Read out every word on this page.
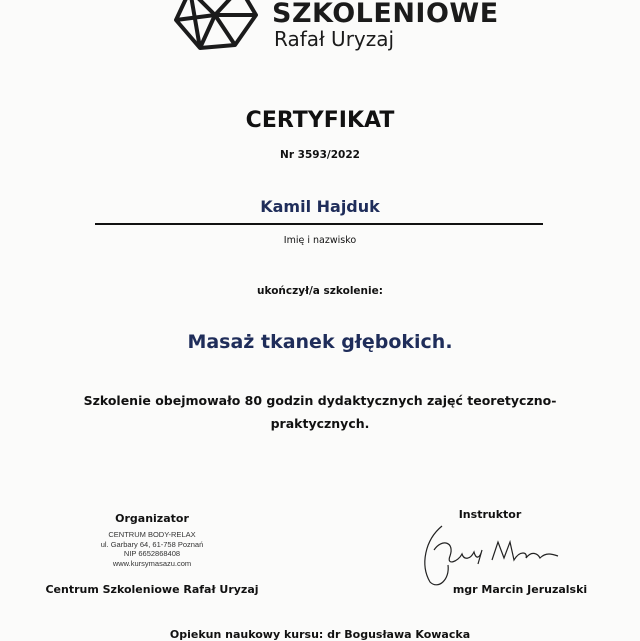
SZKOLENIOWE
Rafał Uryzaj
CERTYFIKAT
Nr 3593/2022
Kamil Hajduk
Imię i nazwisko
ukończył/a szkolenie:
Masaż tkanek głębokich.
Szkolenie obejmowało 80 godzin dydaktycznych zajęć teoretyczno-
praktycznych.
Organizator
CENTRUM BODY-RELAX
ul. Garbary 64, 61-758 Poznań
NIP 6652868408
www.kursymasazu.com
Centrum Szkoleniowe Rafał Uryzaj
Instruktor
mgr Marcin Jeruzalski
Opiekun naukowy kursu: dr Bogusława Kowacka
